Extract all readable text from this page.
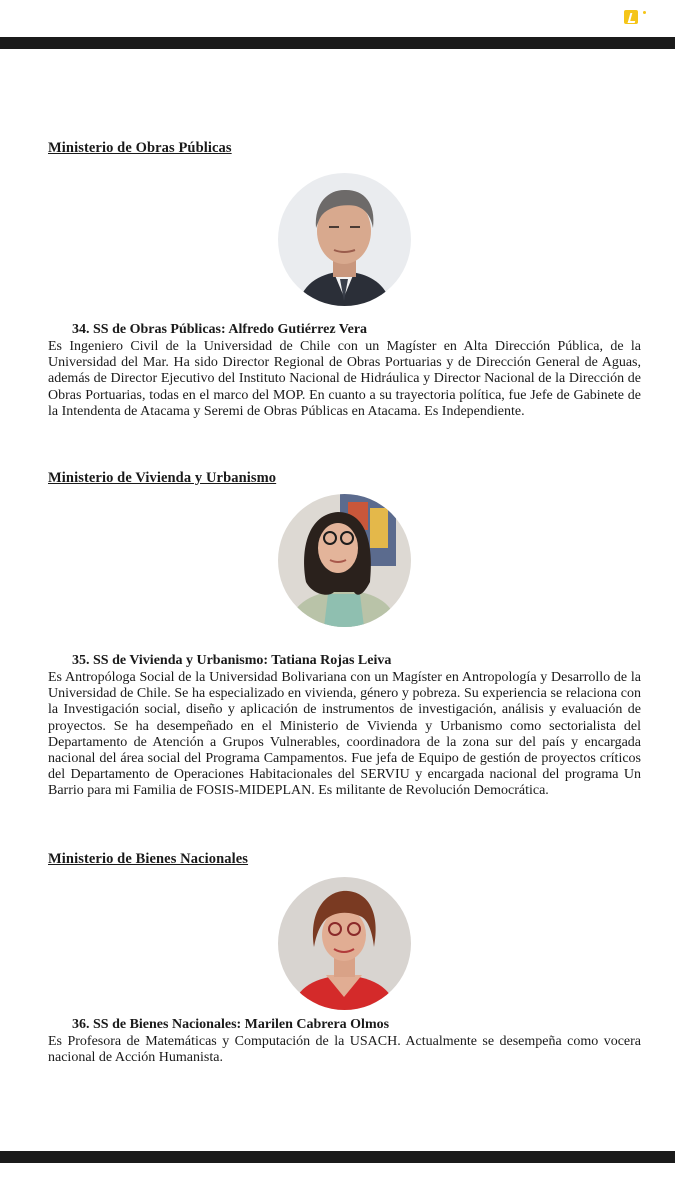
Ministerio de Obras Públicas
34. SS de Obras Públicas: Alfredo Gutiérrez Vera

Es Ingeniero Civil de la Universidad de Chile con un Magíster en Alta Dirección Pública, de la Universidad del Mar. Ha sido Director Regional de Obras Portuarias y de Dirección General de Aguas, además de Director Ejecutivo del Instituto Nacional de Hidráulica y Director Nacional de la Dirección de Obras Portuarias, todas en el marco del MOP. En cuanto a su trayectoria política, fue Jefe de Gabinete de la Intendenta de Atacama y Seremi de Obras Públicas en Atacama. Es Independiente.

Ministerio de Vivienda y Urbanismo
35. SS de Vivienda y Urbanismo: Tatiana Rojas Leiva

Es Antropóloga Social de la Universidad Bolivariana con un Magíster en Antropología y Desarrollo de la Universidad de Chile. Se ha especializado en vivienda, género y pobreza. Su experiencia se relaciona con la Investigación social, diseño y aplicación de instrumentos de investigación, análisis y evaluación de proyectos. Se ha desempeñado en el Ministerio de Vivienda y Urbanismo como sectorialista del Departamento de Atención a Grupos Vulnerables, coordinadora de la zona sur del país y encargada nacional del área social del Programa Campamentos. Fue jefa de Equipo de gestión de proyectos críticos del Departamento de Operaciones Habitacionales del SERVIU y encargada nacional del programa Un Barrio para mi Familia de FOSIS-MIDEPLAN. Es militante de Revolución Democrática.

Ministerio de Bienes Nacionales
36. SS de Bienes Nacionales: Marilen Cabrera Olmos

Es Profesora de Matemáticas y Computación de la USACH. Actualmente se desempeña como vocera nacional de Acción Humanista.
